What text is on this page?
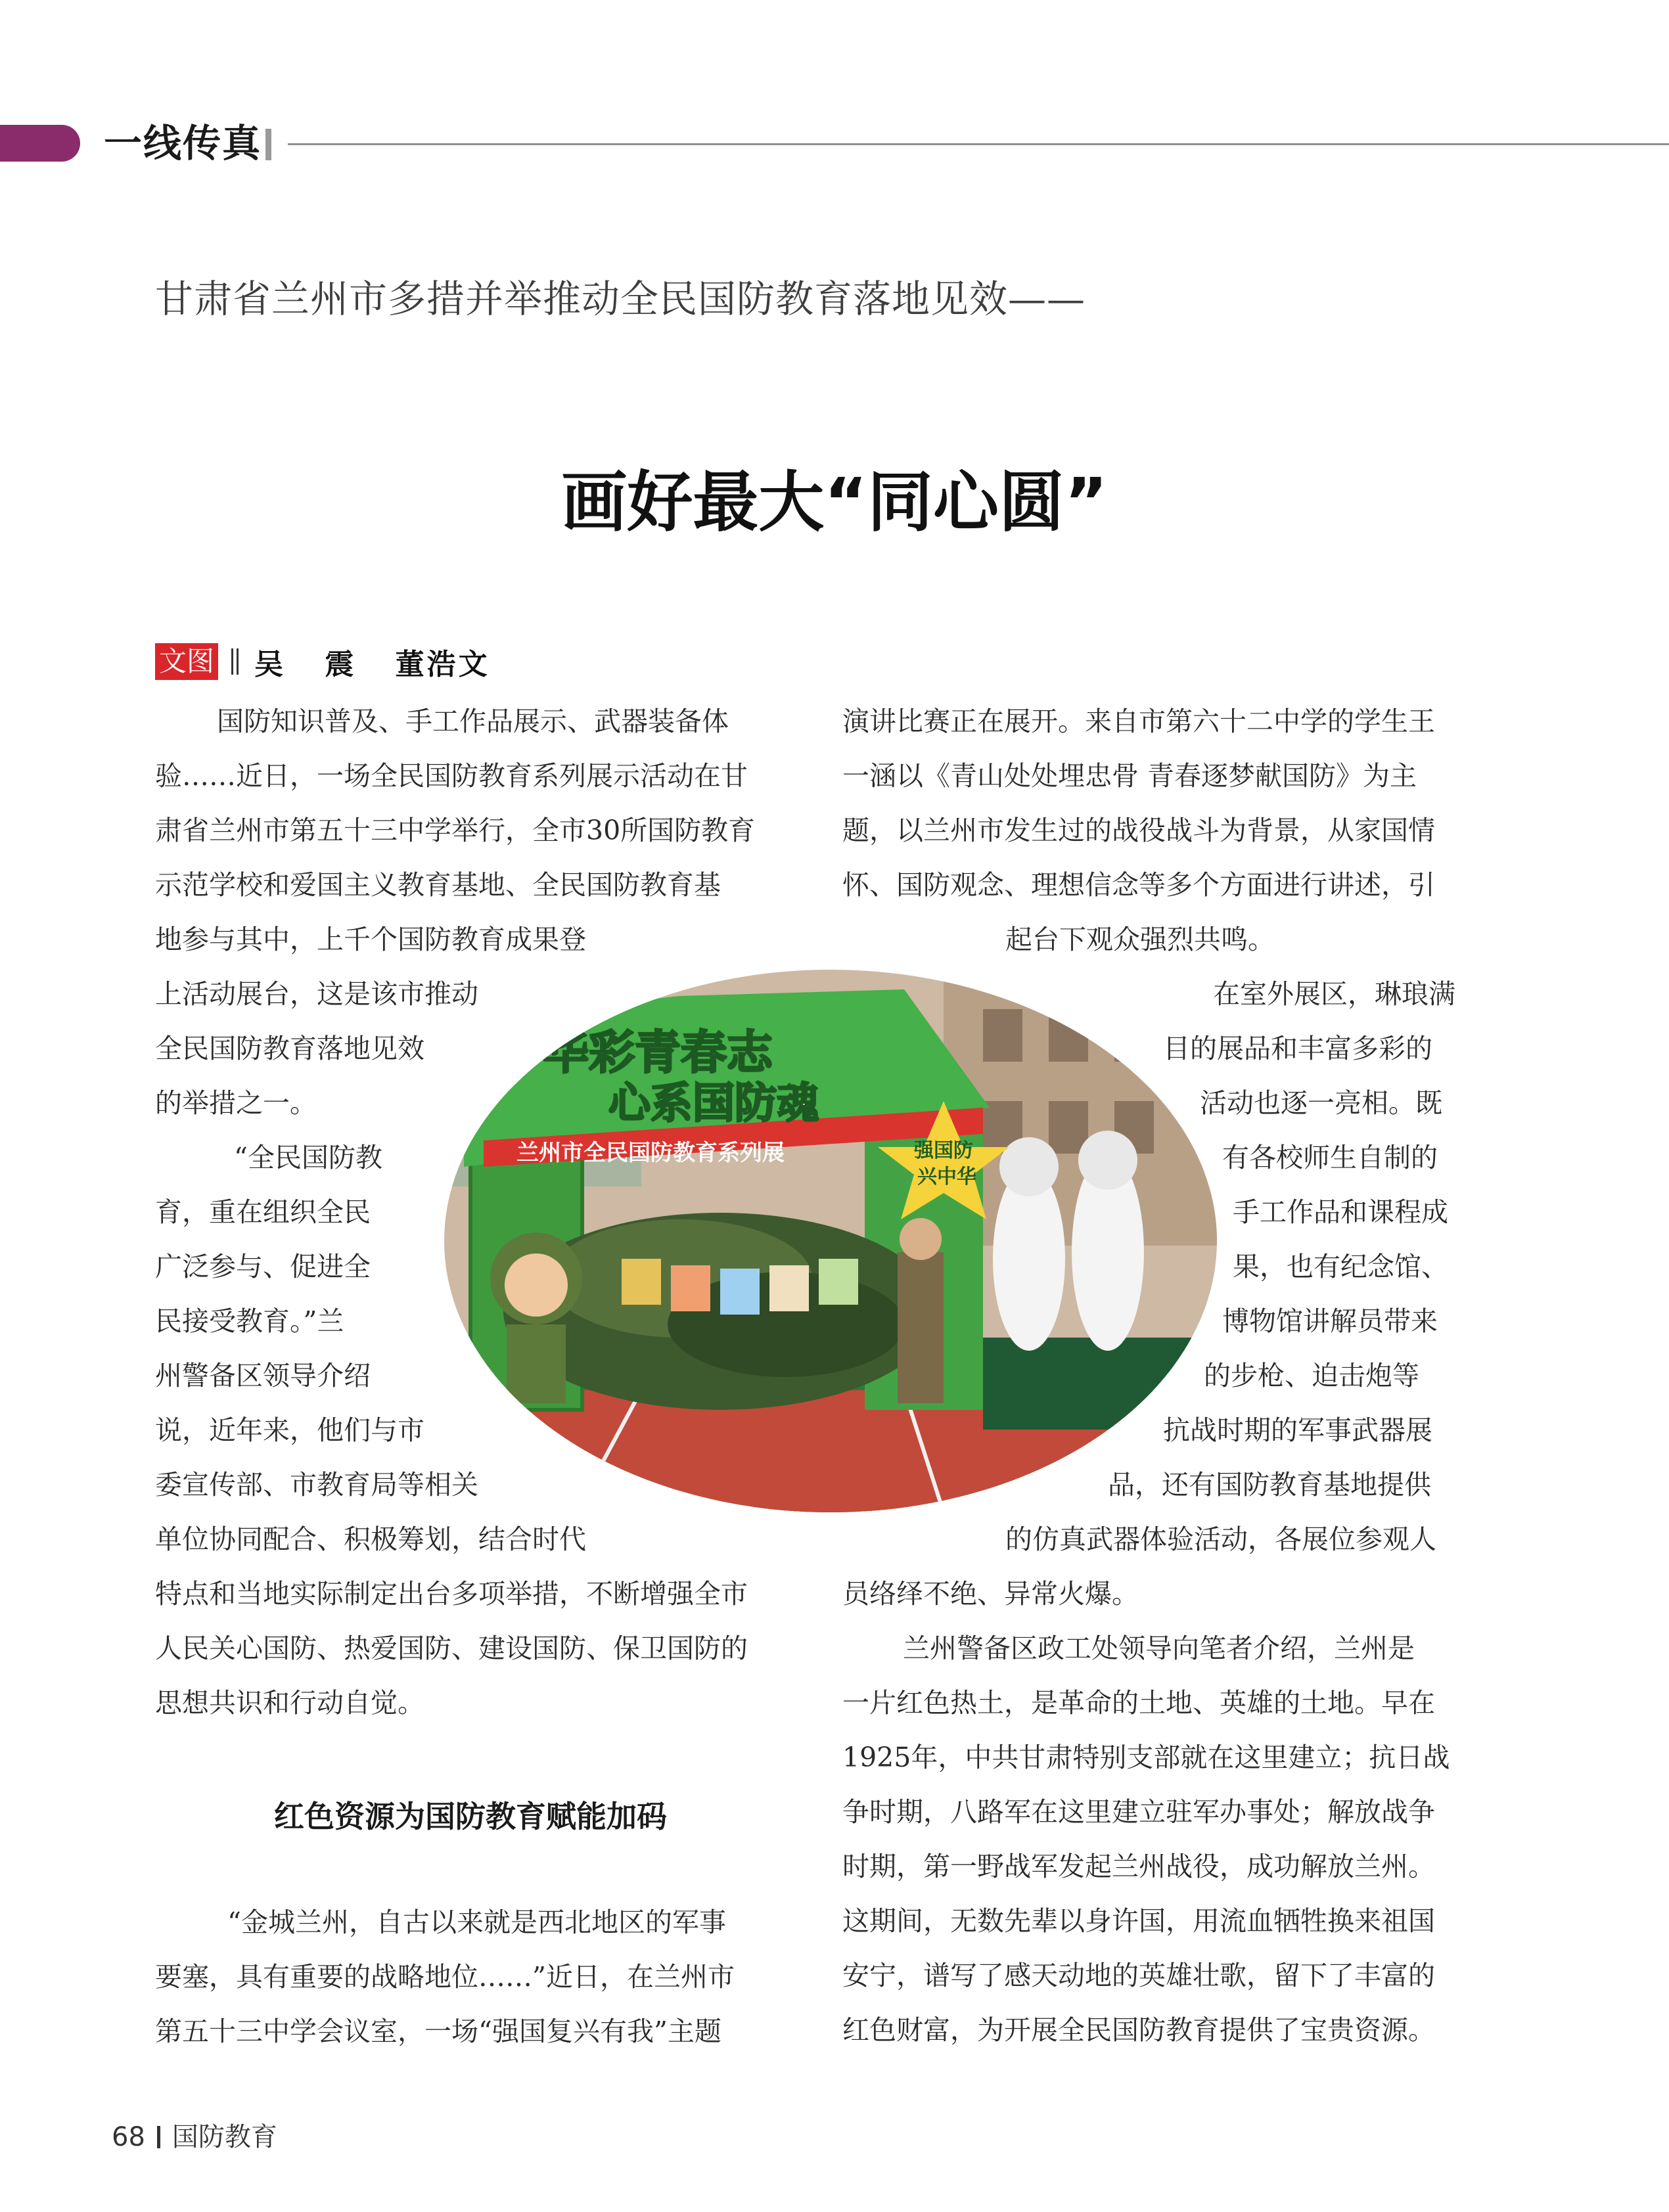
一线传真
甘肃省兰州市多措并举推动全民国防教育落地见效——
画好最大“同心圆”
文图 吴 震 董浩文
国防知识普及、手工作品展示、武器装备体
验……近日，一场全民国防教育系列展示活动在甘
肃省兰州市第五十三中学举行，全市30所国防教育
示范学校和爱国主义教育基地、全民国防教育基
地参与其中，上千个国防教育成果登
上活动展台，这是该市推动
全民国防教育落地见效
的举措之一。
“全民国防教
育，重在组织全民
广泛参与、促进全
民接受教育。”兰
州警备区领导介绍
说，近年来，他们与市
委宣传部、市教育局等相关
单位协同配合、积极筹划，结合时代
特点和当地实际制定出台多项举措，不断增强全市
人民关心国防、热爱国防、建设国防、保卫国防的
思想共识和行动自觉。
红色资源为国防教育赋能加码
“金城兰州，自古以来就是西北地区的军事
要塞，具有重要的战略地位……”近日，在兰州市
第五十三中学会议室，一场“强国复兴有我”主题
演讲比赛正在展开。来自市第六十二中学的学生王
一涵以《青山处处埋忠骨 青春逐梦献国防》为主
题，以兰州市发生过的战役战斗为背景，从家国情
怀、国防观念、理想信念等多个方面进行讲述，引
起台下观众强烈共鸣。
在室外展区，琳琅满
目的展品和丰富多彩的
活动也逐一亮相。既
有各校师生自制的
手工作品和课程成
果，也有纪念馆、
博物馆讲解员带来
的步枪、迫击炮等
抗战时期的军事武器展
品，还有国防教育基地提供
的仿真武器体验活动，各展位参观人
员络绎不绝、异常火爆。
兰州警备区政工处领导向笔者介绍，兰州是
一片红色热土，是革命的土地、英雄的土地。早在
1925年，中共甘肃特别支部就在这里建立；抗日战
争时期，八路军在这里建立驻军办事处；解放战争
时期，第一野战军发起兰州战役，成功解放兰州。
这期间，无数先辈以身许国，用流血牺牲换来祖国
安宁，谱写了感天动地的英雄壮歌，留下了丰富的
红色财富，为开展全民国防教育提供了宝贵资源。
华彩青春志
心系国防魂
兰州市全民国防教育系列展	强国防
兴中华
68 国防教育
